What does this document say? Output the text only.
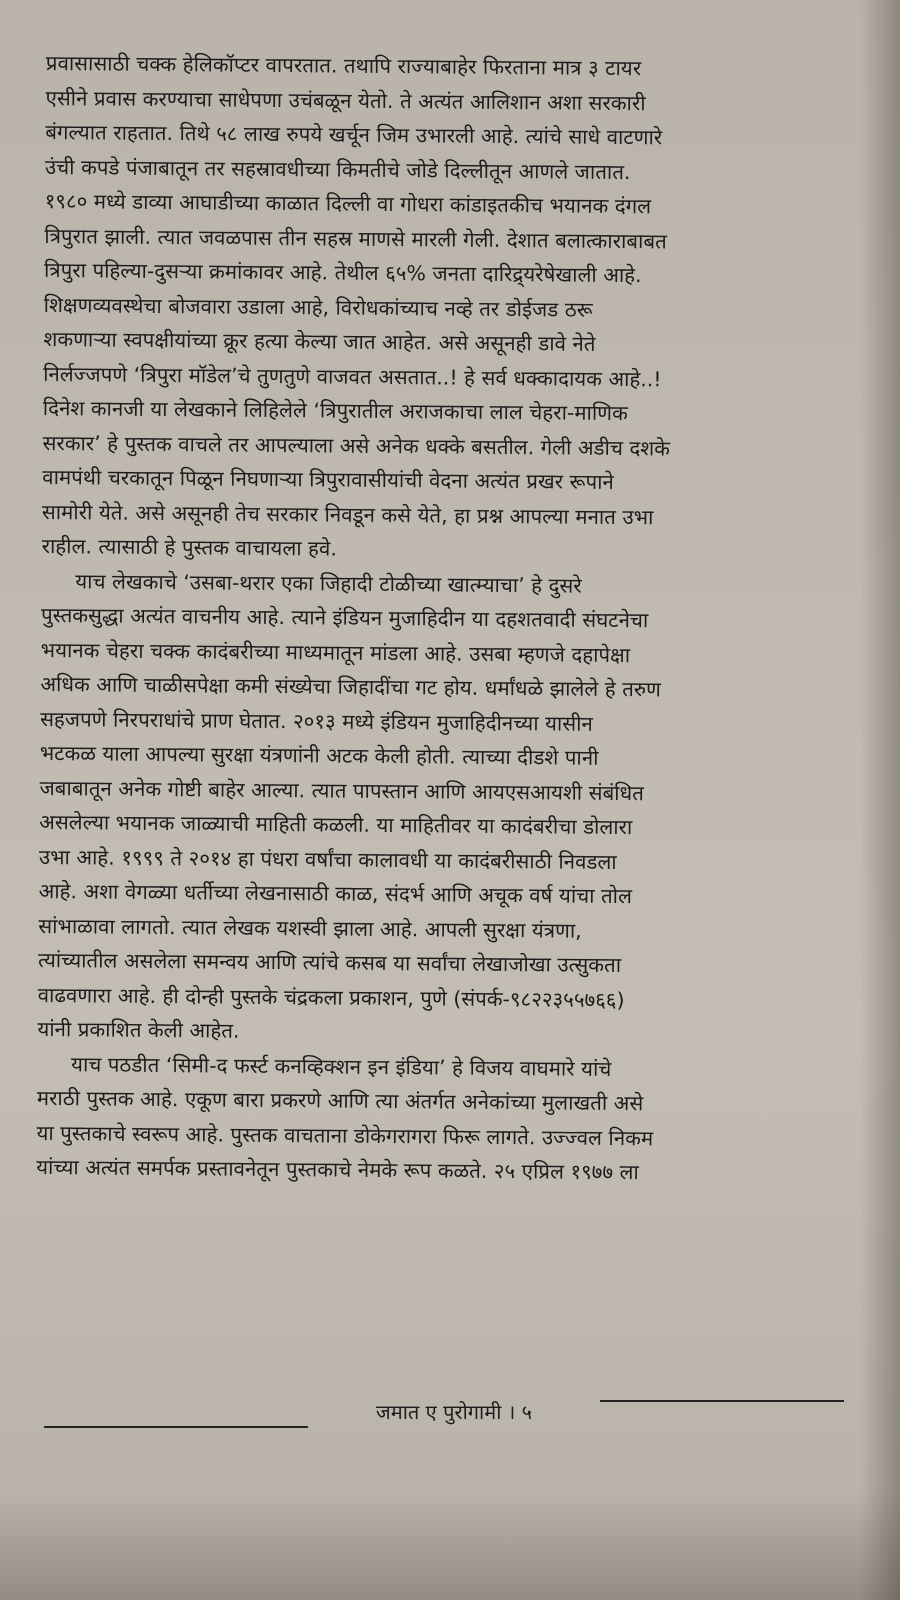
प्रवासासाठी चक्क हेलिकॉप्टर वापरतात. तथापि राज्याबाहेर फिरताना मात्र ३ टायर
एसीने प्रवास करण्याचा साधेपणा उचंबळून येतो. ते अत्यंत आलिशान अशा सरकारी
बंगल्यात राहतात. तिथे ५८ लाख रुपये खर्चून जिम उभारली आहे. त्यांचे साधे वाटणारे
उंची कपडे पंजाबातून तर सहस्रावधीच्या किमतीचे जोडे दिल्लीतून आणले जातात.
१९८० मध्ये डाव्या आघाडीच्या काळात दिल्ली वा गोधरा कांडाइतकीच भयानक दंगल
त्रिपुरात झाली. त्यात जवळपास तीन सहस्र माणसे मारली गेली. देशात बलात्काराबाबत
त्रिपुरा पहिल्या-दुसऱ्या क्रमांकावर आहे. तेथील ६५% जनता दारिद्र्यरेषेखाली आहे.
शिक्षणव्यवस्थेचा बोजवारा उडाला आहे, विरोधकांच्याच नव्हे तर डोईजड ठरू
शकणाऱ्या स्वपक्षीयांच्या क्रूर हत्या केल्या जात आहेत. असे असूनही डावे नेते
निर्लज्जपणे ‘त्रिपुरा मॉडेल’चे तुणतुणे वाजवत असतात..! हे सर्व धक्कादायक आहे..!
दिनेश कानजी या लेखकाने लिहिलेले ‘त्रिपुरातील अराजकाचा लाल चेहरा-माणिक
सरकार’ हे पुस्तक वाचले तर आपल्याला असे अनेक धक्के बसतील. गेली अडीच दशके
वामपंथी चरकातून पिळून निघणाऱ्या त्रिपुरावासीयांची वेदना अत्यंत प्रखर रूपाने
सामोरी येते. असे असूनही तेच सरकार निवडून कसे येते, हा प्रश्न आपल्या मनात उभा
राहील. त्यासाठी हे पुस्तक वाचायला हवे.
याच लेखकाचे ‘उसबा-थरार एका जिहादी टोळीच्या खात्म्याचा’ हे दुसरे
पुस्तकसुद्धा अत्यंत वाचनीय आहे. त्याने इंडियन मुजाहिदीन या दहशतवादी संघटनेचा
भयानक चेहरा चक्क कादंबरीच्या माध्यमातून मांडला आहे. उसबा म्हणजे दहापेक्षा
अधिक आणि चाळीसपेक्षा कमी संख्येचा जिहादींचा गट होय. धर्मांधळे झालेले हे तरुण
सहजपणे निरपराधांचे प्राण घेतात. २०१३ मध्ये इंडियन मुजाहिदीनच्या यासीन
भटकळ याला आपल्या सुरक्षा यंत्रणांनी अटक केली होती. त्याच्या दीडशे पानी
जबाबातून अनेक गोष्टी बाहेर आल्या. त्यात पापस्तान आणि आयएसआयशी संबंधित
असलेल्या भयानक जाळ्याची माहिती कळली. या माहितीवर या कादंबरीचा डोलारा
उभा आहे. १९९९ ते २०१४ हा पंधरा वर्षांचा कालावधी या कादंबरीसाठी निवडला
आहे. अशा वेगळ्या धर्तीच्या लेखनासाठी काळ, संदर्भ आणि अचूक वर्ष यांचा तोल
सांभाळावा लागतो. त्यात लेखक यशस्वी झाला आहे. आपली सुरक्षा यंत्रणा,
त्यांच्यातील असलेला समन्वय आणि त्यांचे कसब या सर्वांचा लेखाजोखा उत्सुकता
वाढवणारा आहे. ही दोन्ही पुस्तके चंद्रकला प्रकाशन, पुणे (संपर्क-९८२२३५५७६६)
यांनी प्रकाशित केली आहेत.
याच पठडीत ‘सिमी-द फर्स्ट कनव्हिक्शन इन इंडिया’ हे विजय वाघमारे यांचे
मराठी पुस्तक आहे. एकूण बारा प्रकरणे आणि त्या अंतर्गत अनेकांच्या मुलाखती असे
या पुस्तकाचे स्वरूप आहे. पुस्तक वाचताना डोकेगरागरा फिरू लागते. उज्ज्वल निकम
यांच्या अत्यंत समर्पक प्रस्तावनेतून पुस्तकाचे नेमके रूप कळते. २५ एप्रिल १९७७ ला
जमात ए पुरोगामी । ५
